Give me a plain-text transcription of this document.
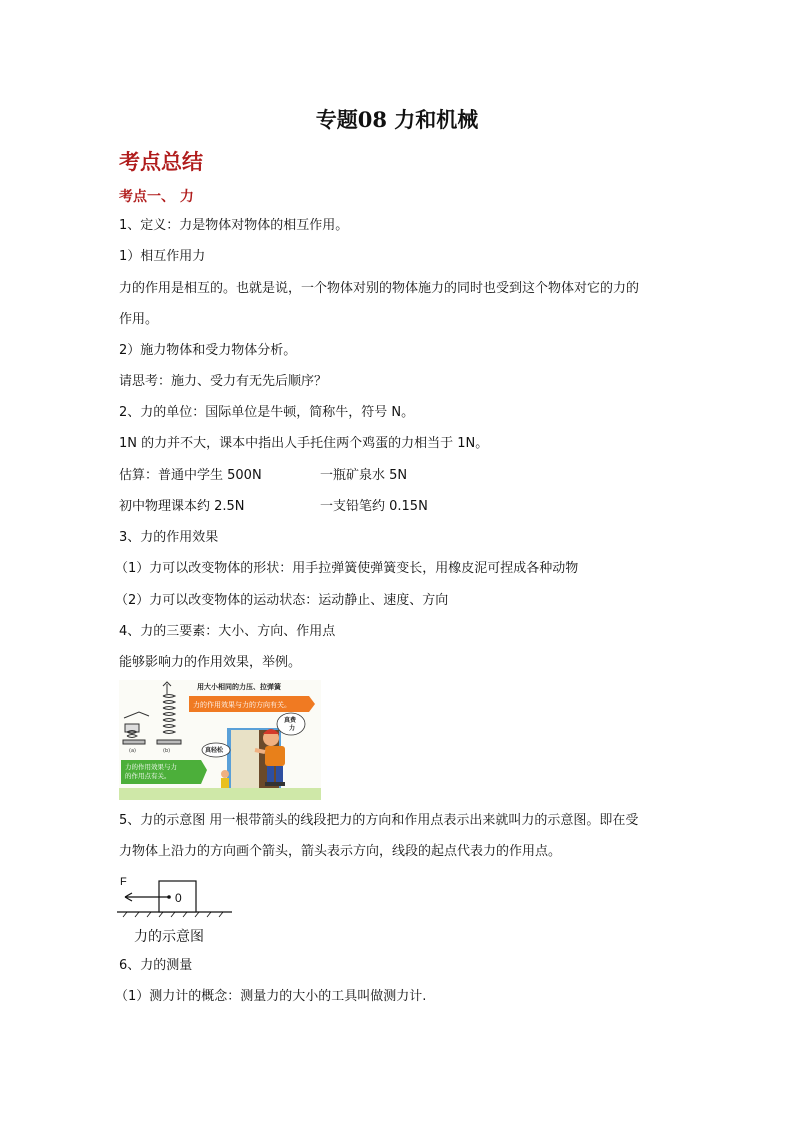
专题08 力和机械
考点总结
考点一、 力
1、定义：力是物体对物体的相互作用。
1）相互作用力
力的作用是相互的。也就是说，一个物体对别的物体施力的同时也受到这个物体对它的力的
作用。
2）施力物体和受力物体分析。
请思考：施力、受力有无先后顺序？
2、力的单位：国际单位是牛顿，简称牛，符号 N。
1N 的力并不大，课本中指出人手托住两个鸡蛋的力相当于 1N。
估算：普通中学生 500N	一瓶矿泉水 5N
初中物理课本约 2.5N	一支铅笔约 0.15N
3、力的作用效果
（1）力可以改变物体的形状：用手拉弹簧使弹簧变长，用橡皮泥可捏成各种动物
（2）力可以改变物体的运动状态：运动静止、速度、方向
4、力的三要素：大小、方向、作用点
能够影响力的作用效果，举例。
(a)	(b)
用大小相同的力压、拉弹簧
力的作用效果与力的方向有关。
真费
力
真轻松
力的作用效果与力 的作用点有关。
5、力的示意图 用一根带箭头的线段把力的方向和作用点表示出来就叫力的示意图。即在受
力物体上沿力的方向画个箭头，箭头表示方向，线段的起点代表力的作用点。
F
0
力的示意图
6、力的测量
（1）测力计的概念：测量力的大小的工具叫做测力计.
